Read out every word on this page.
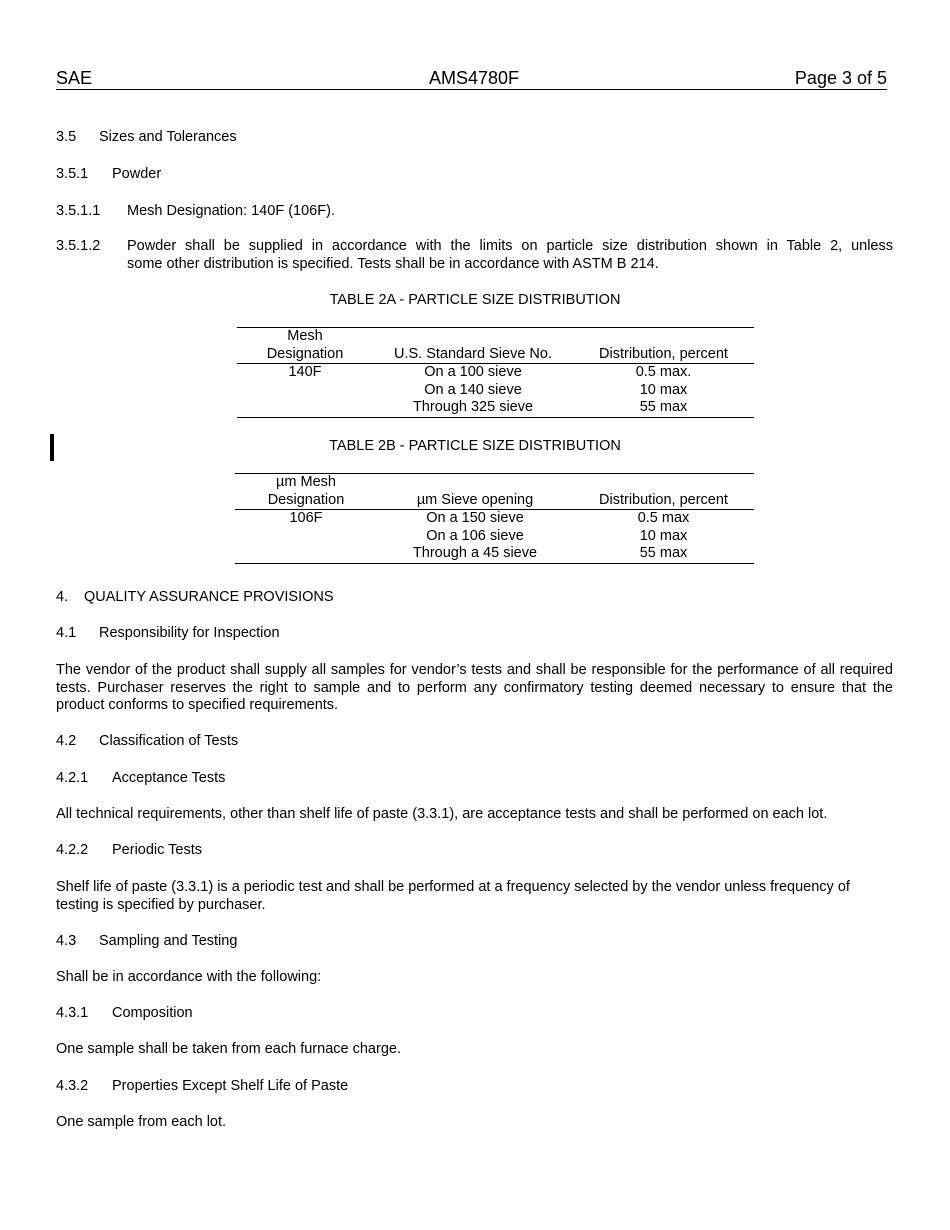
SAE	AMS4780F	Page 3 of 5
3.5 Sizes and Tolerances
3.5.1 Powder
3.5.1.1 Mesh Designation: 140F (106F).
3.5.1.2 Powder shall be supplied in accordance with the limits on particle size distribution shown in Table 2, unless
some other distribution is specified. Tests shall be in accordance with ASTM B 214.
TABLE 2A - PARTICLE SIZE DISTRIBUTION
Mesh
Designation	U.S. Standard Sieve No.	Distribution, percent
140F	On a 100 sieve	0.5 max.
	On a 140 sieve	10 max
	Through 325 sieve	55 max
TABLE 2B - PARTICLE SIZE DISTRIBUTION
µm Mesh
Designation	µm Sieve opening	Distribution, percent
106F	On a 150 sieve	0.5 max
	On a 106 sieve	10 max
	Through a 45 sieve	55 max
4. QUALITY ASSURANCE PROVISIONS
4.1 Responsibility for Inspection
The vendor of the product shall supply all samples for vendor’s tests and shall be responsible for the performance of all required tests. Purchaser reserves the right to sample and to perform any confirmatory testing deemed necessary to ensure that the product conforms to specified requirements.
4.2 Classification of Tests
4.2.1 Acceptance Tests
All technical requirements, other than shelf life of paste (3.3.1), are acceptance tests and shall be performed on each lot.
4.2.2 Periodic Tests
Shelf life of paste (3.3.1) is a periodic test and shall be performed at a frequency selected by the vendor unless frequency of testing is specified by purchaser.
4.3 Sampling and Testing
Shall be in accordance with the following:
4.3.1 Composition
One sample shall be taken from each furnace charge.
4.3.2 Properties Except Shelf Life of Paste
One sample from each lot.
